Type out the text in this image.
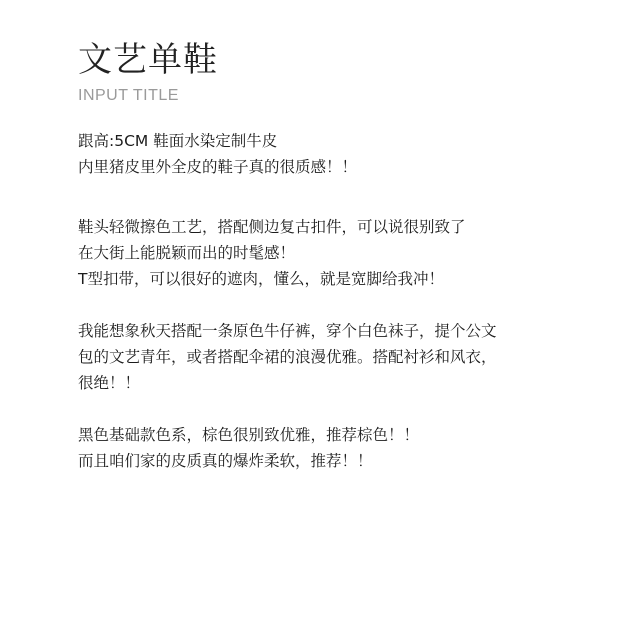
文艺单鞋
INPUT TITLE
跟高:5CM 鞋面水染定制牛皮
内里猪皮里外全皮的鞋子真的很质感！！
鞋头轻微擦色工艺，搭配侧边复古扣件，可以说很别致了
在大街上能脱颖而出的时髦感！
T型扣带，可以很好的遮肉，懂么，就是宽脚给我冲！
我能想象秋天搭配一条原色牛仔裤，穿个白色袜子，提个公文
包的文艺青年，或者搭配伞裙的浪漫优雅。搭配衬衫和风衣，
很绝！！
黑色基础款色系，棕色很别致优雅，推荐棕色！！
而且咱们家的皮质真的爆炸柔软，推荐！！
